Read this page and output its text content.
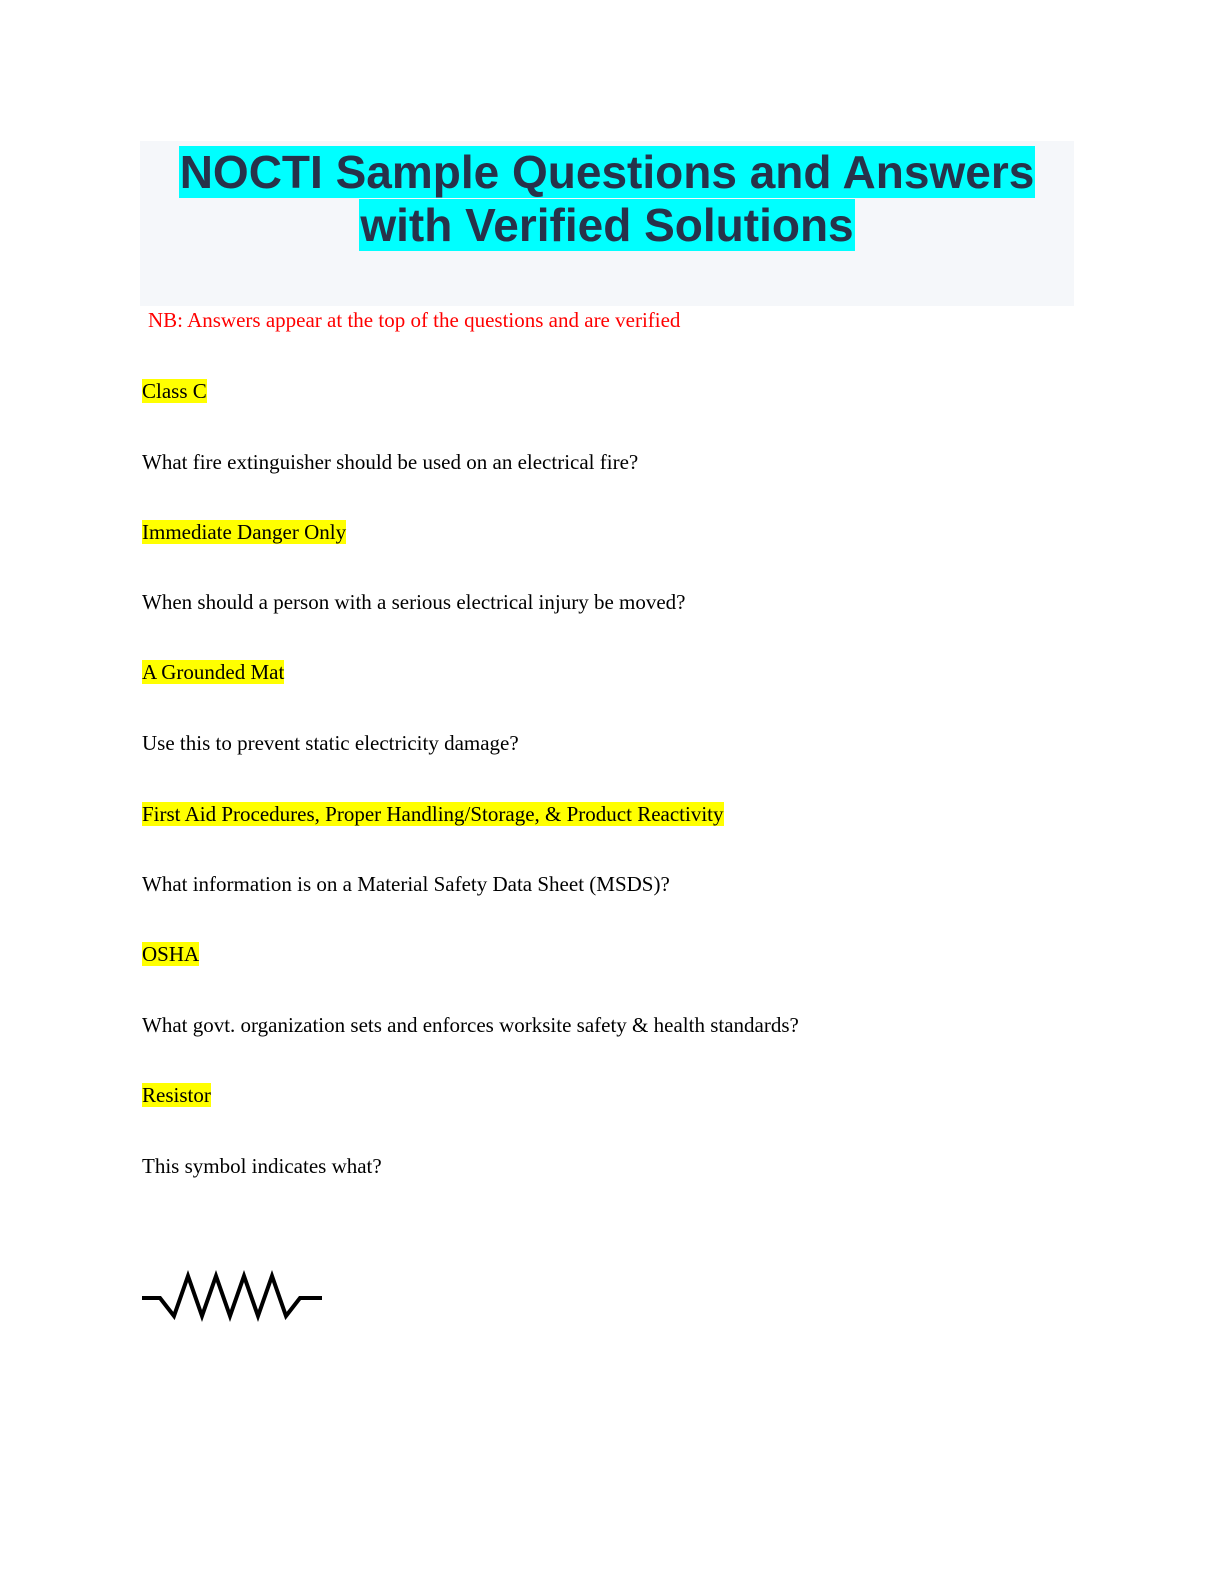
NOCTI Sample Questions and Answers
with Verified Solutions
NB: Answers appear at the top of the questions and are verified
Class C
What fire extinguisher should be used on an electrical fire?
Immediate Danger Only
When should a person with a serious electrical injury be moved?
A Grounded Mat
Use this to prevent static electricity damage?
First Aid Procedures, Proper Handling/Storage, & Product Reactivity
What information is on a Material Safety Data Sheet (MSDS)?
OSHA
What govt. organization sets and enforces worksite safety & health standards?
Resistor
This symbol indicates what?
